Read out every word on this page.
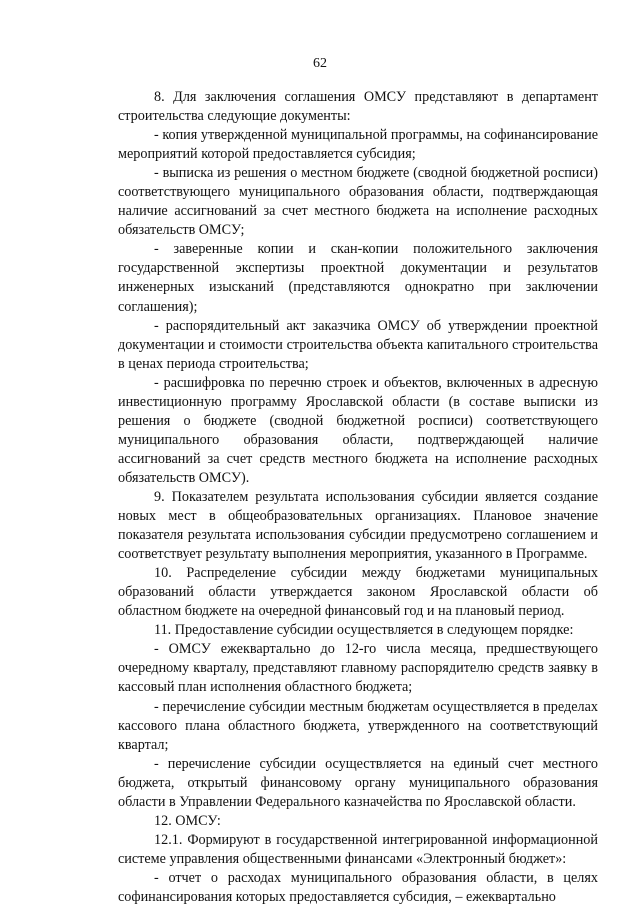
62

8. Для заключения соглашения ОМСУ представляют в департамент строительства следующие документы:

- копия утвержденной муниципальной программы, на софинансирование мероприятий которой предоставляется субсидия;

- выписка из решения о местном бюджете (сводной бюджетной росписи) соответствующего муниципального образования области, подтверждающая наличие ассигнований за счет местного бюджета на исполнение расходных обязательств ОМСУ;

- заверенные копии и скан-копии положительного заключения государственной экспертизы проектной документации и результатов инженерных изысканий (представляются однократно при заключении соглашения);

- распорядительный акт заказчика ОМСУ об утверждении проектной документации и стоимости строительства объекта капитального строительства в ценах периода строительства;

- расшифровка по перечню строек и объектов, включенных в адресную инвестиционную программу Ярославской области (в составе выписки из решения о бюджете (сводной бюджетной росписи) соответствующего муниципального образования области, подтверждающей наличие ассигнований за счет средств местного бюджета на исполнение расходных обязательств ОМСУ).

9. Показателем результата использования субсидии является создание новых мест в общеобразовательных организациях. Плановое значение показателя результата использования субсидии предусмотрено соглашением и соответствует результату выполнения мероприятия, указанного в Программе.

10. Распределение субсидии между бюджетами муниципальных образований области утверждается законом Ярославской области об областном бюджете на очередной финансовый год и на плановый период.

11. Предоставление субсидии осуществляется в следующем порядке:

- ОМСУ ежеквартально до 12-го числа месяца, предшествующего очередному кварталу, представляют главному распорядителю средств заявку в кассовый план исполнения областного бюджета;

- перечисление субсидии местным бюджетам осуществляется в пределах кассового плана областного бюджета, утвержденного на соответствующий квартал;

- перечисление субсидии осуществляется на единый счет местного бюджета, открытый финансовому органу муниципального образования области в Управлении Федерального казначейства по Ярославской области.

12. ОМСУ:

12.1. Формируют в государственной интегрированной информационной системе управления общественными финансами «Электронный бюджет»:

- отчет о расходах муниципального образования области, в целях софинансирования которых предоставляется субсидия, – ежеквартально
